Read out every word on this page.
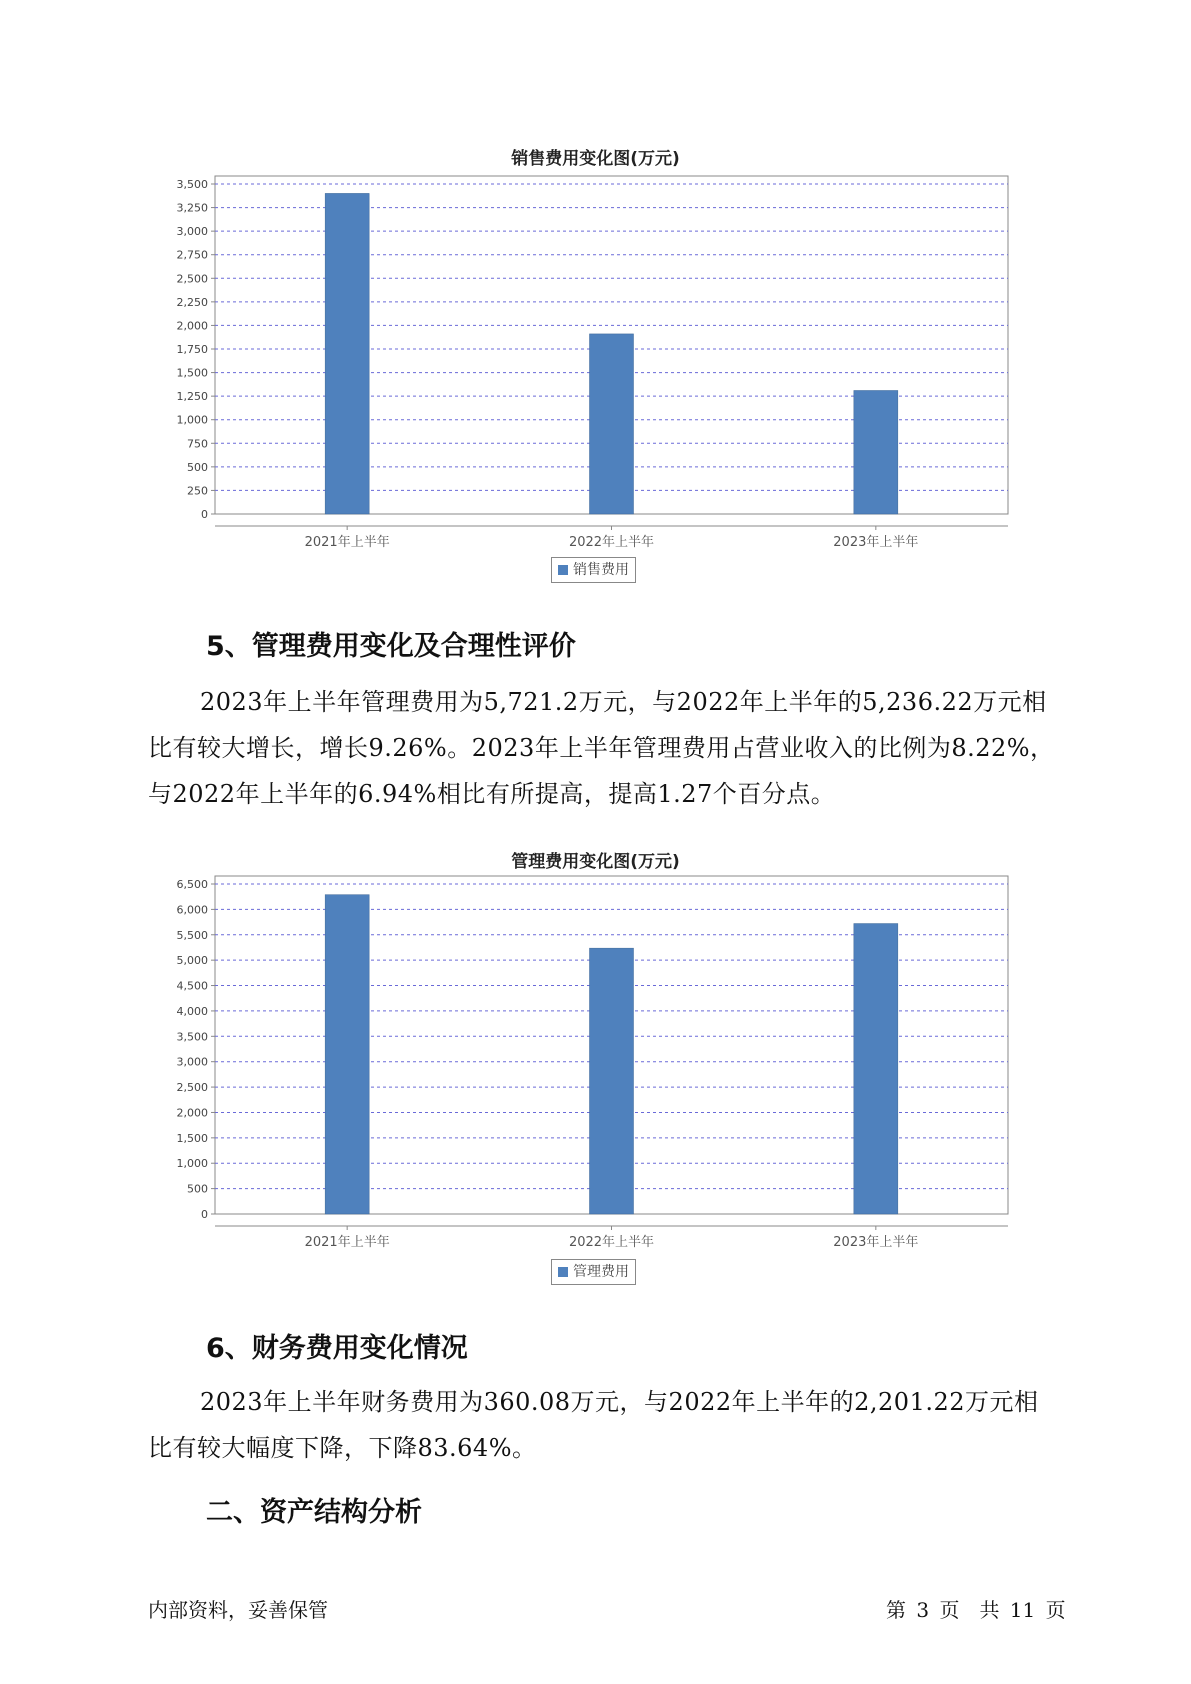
销售费用变化图(万元)
0
250
500
750
1,000
1,250
1,500
1,750
2,000
2,250
2,500
2,750
3,000
3,250
3,500
2021年上半年	2022年上半年	2023年上半年
销售费用
5、管理费用变化及合理性评价

2023年上半年管理费用为5,721.2万元，与2022年上半年的5,236.22万元相比有较大增长，增长9.26%。2023年上半年管理费用占营业收入的比例为8.22%，与2022年上半年的6.94%相比有所提高，提高1.27个百分点。

管理费用变化图(万元)
0
500
1,000
1,500
2,000
2,500
3,000
3,500
4,000
4,500
5,000
5,500
6,000
6,500
2021年上半年	2022年上半年	2023年上半年
管理费用
6、财务费用变化情况

2023年上半年财务费用为360.08万元，与2022年上半年的2,201.22万元相比有较大幅度下降，下降83.64%。

二、资产结构分析
内部资料，妥善保管	第 3 页　共 11 页
